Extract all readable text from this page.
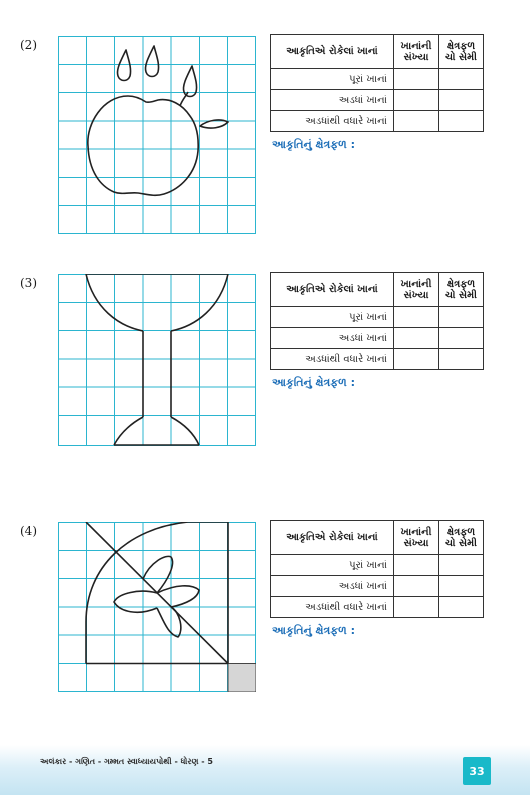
(2)	આકૃતિએ રોકેલાં ખાનાં	ખાનાંની સંખ્યા	ક્ષેત્રફળ ચો સેમી
પૂરાં ખાનાં		
અડધાં ખાનાં		
અડધાંથી વધારે ખાનાં		
આકૃતિનું ક્ષેત્રફળ :
(3)	આકૃતિએ રોકેલાં ખાનાં	ખાનાંની સંખ્યા	ક્ષેત્રફળ ચો સેમી
પૂરાં ખાનાં		
અડધાં ખાનાં		
અડધાંથી વધારે ખાનાં		
આકૃતિનું ક્ષેત્રફળ :
(4)	આકૃતિએ રોકેલાં ખાનાં	ખાનાંની સંખ્યા	ક્ષેત્રફળ ચો સેમી
પૂરાં ખાનાં		
અડધાં ખાનાં		
અડધાંથી વધારે ખાનાં		
આકૃતિનું ક્ષેત્રફળ :
અલંકાર - ગણિત - ગમ્મત સ્વાધ્યાયપોથી - ધોરણ - 5
33
